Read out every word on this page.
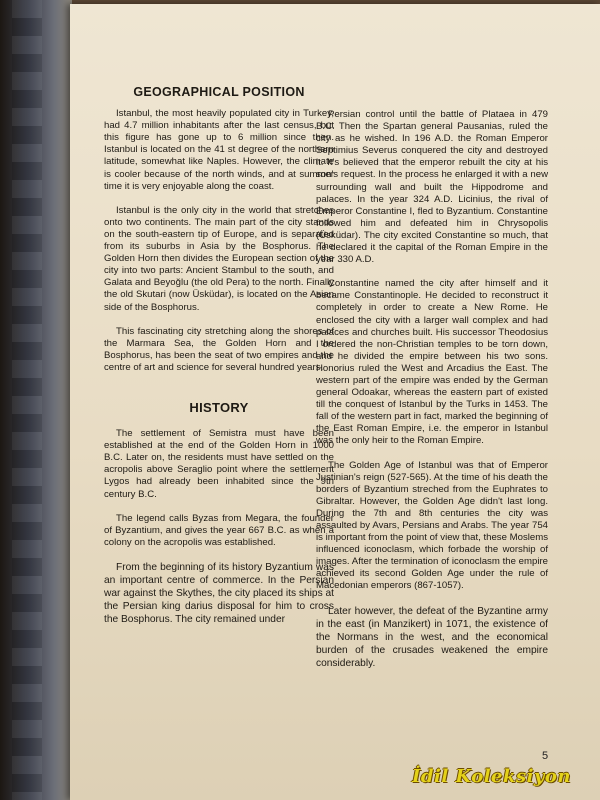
GEOGRAPHICAL POSITION

Istanbul, the most heavily populated city in Turkey, had 4.7 million inhabitants after the last census, but this figure has gone up to 6 million since then. Istanbul is located on the 41 st degree of the northern latitude, somewhat like Naples. However, the climate is cooler because of the north winds, and at summer time it is very enjoyable along the coast.

Istanbul is the only city in the world that stretches onto two continents. The main part of the city stands on the south-eastern tip of Europe, and is separated from its suburbs in Asia by the Bosphorus. The Golden Horn then divides the European section of the city into two parts: Ancient Stambul to the south, and Galata and Beyoğlu (the old Pera) to the north. Finally the old Skutari (now Üsküdar), is located on the Asian side of the Bosphorus.

This fascinating city stretching along the shores of the Marmara Sea, the Golden Horn and the Bosphorus, has been the seat of two empires and the centre of art and science for several hundred years.

HISTORY

The settlement of Semistra must have been established at the end of the Golden Horn in 1000 B.C. Later on, the residents must have settled on the acropolis above Seraglio point where the settlement Lygos had already been inhabited since the 9th century B.C.

The legend calls Byzas from Megara, the founder of Byzantium, and gives the year 667 B.C. as when a colony on the acropolis was established.

From the beginning of its history Byzantium was an important centre of commerce. In the Persian war against the Skythes, the city placed its ships at the Persian king darius disposal for him to cross the Bosphorus. The city remained under

Persian control until the battle of Plataea in 479 B.C. Then the Spartan general Pausanias, ruled the city as he wished. In 196 A.D. the Roman Emperor Septimius Severus conquered the city and destroyed it. It's believed that the emperor rebuilt the city at his son's request. In the process he enlarged it with a new surrounding wall and built the Hippodrome and palaces. In the year 324 A.D. Licinius, the rival of Emperor Constantine I, fled to Byzantium. Constantine followed him and defeated him in Chrysopolis (Üsküdar). The city excited Constantine so much, that he declared it the capital of the Roman Empire in the year 330 A.D.

Constantine named the city after himself and it became Constantinople. He decided to reconstruct it completely in order to create a New Rome. He enclosed the city with a larger wall complex and had palaces and churches built. His successor Theodosius I ordered the non-Christian temples to be torn down, and he divided the empire between his two sons. Honorius ruled the West and Arcadius the East. The western part of the empire was ended by the German general Odoakar, whereas the eastern part of existed till the conquest of Istanbul by the Turks in 1453. The fall of the western part in fact, marked the beginning of the East Roman Empire, i.e. the emperor in Istanbul was the only heir to the Roman Empire.

The Golden Age of Istanbul was that of Emperor Justinian's reign (527-565). At the time of his death the borders of Byzantium streched from the Euphrates to Gibraltar. However, the Golden Age didn't last long. During the 7th and 8th centuries the city was assaulted by Avars, Persians and Arabs. The year 754 is important from the point of view that, these Moslems influenced iconoclasm, which forbade the worship of images. After the termination of iconoclasm the empire achieved its second Golden Age under the rule of Macedonian emperors (867-1057).

Later however, the defeat of the Byzantine army in the east (in Manzikert) in 1071, the existence of the Normans in the west, and the economical burden of the crusades weakened the empire considerably.

5
İdil Koleksiyon
